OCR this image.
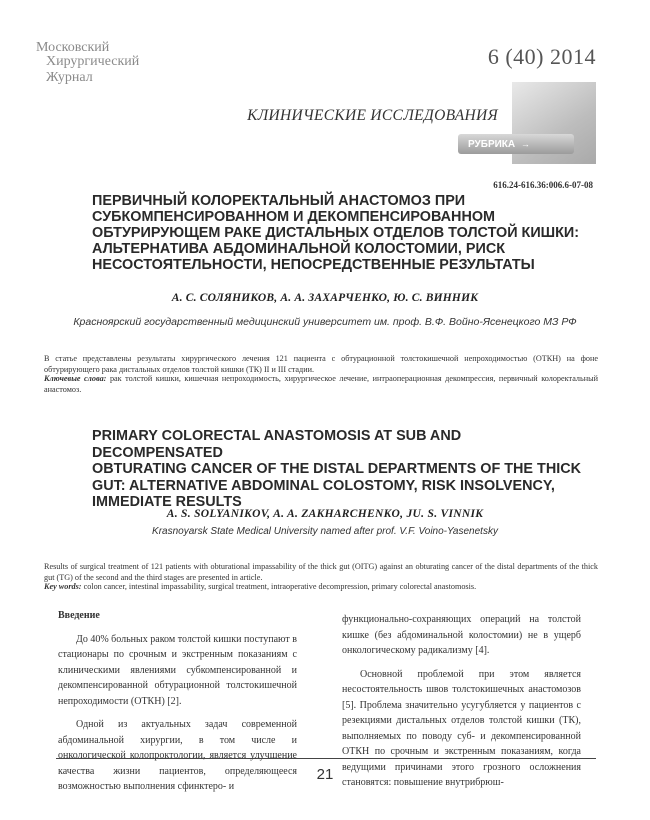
Московский
Хирургический
Журнал
6 (40) 2014
КЛИНИЧЕСКИЕ ИССЛЕДОВАНИЯ
РУБРИКА →
616.24-616.36:006.6-07-08
ПЕРВИЧНЫЙ КОЛОРЕКТАЛЬНЫЙ АНАСТОМОЗ ПРИ
СУБКОМПЕНСИРОВАННОМ И ДЕКОМПЕНСИРОВАННОМ
ОБТУРИРУЮЩЕМ РАКЕ ДИСТАЛЬНЫХ ОТДЕЛОВ ТОЛСТОЙ КИШКИ:
АЛЬТЕРНАТИВА АБДОМИНАЛЬНОЙ КОЛОСТОМИИ, РИСК
НЕСОСТОЯТЕЛЬНОСТИ, НЕПОСРЕДСТВЕННЫЕ РЕЗУЛЬТАТЫ
А. С. СОЛЯНИКОВ, А. А. ЗАХАРЧЕНКО, Ю. С. ВИННИК
Красноярский государственный медицинский университет им. проф. В.Ф. Войно-Ясенецкого МЗ РФ
В статье представлены результаты хирургического лечения 121 пациента с обтурационной толстокишечной непроходимостью (ОТКН) на фоне обтурирующего рака дистальных отделов толстой кишки (ТК) II и III стадии.
Ключевые слова: рак толстой кишки, кишечная непроходимость, хирургическое лечение, интраоперационная декомпрессия, первичный колоректальный анастомоз.
PRIMARY COLORECTAL ANASTOMOSIS AT SUB AND DECOMPENSATED
OBTURATING CANCER OF THE DISTAL DEPARTMENTS OF THE THICK
GUT: ALTERNATIVE ABDOMINAL COLOSTOMY, RISK INSOLVENCY,
IMMEDIATE RESULTS
A. S. SOLYANIKOV, A. A. ZAKHARCHENKO, JU. S. VINNIK
Krasnoyarsk State Medical University named after prof. V.F. Voino-Yasenetsky
Results of surgical treatment of 121 patients with obturational impassability of the thick gut (OITG) against an obturating cancer of the distal departments of the thick gut (TG) of the second and the third stages are presented in article.
Key words: colon cancer, intestinal impassability, surgical treatment, intraoperative decompression, primary colorectal anastomosis.

Введение

До 40% больных раком толстой кишки поступают в стационары по срочным и экстренным показаниям с клиническими явлениями субкомпенсированной и декомпенсированной обтурационной толстокишечной непроходимости (ОТКН) [2].

Одной из актуальных задач современной абдоминальной хирургии, в том числе и онкологической колопроктологии, является улучшение качества жизни пациентов, определяющееся возможностью выполнения сфинктеро- и

функционально-сохраняющих операций на толстой кишке (без абдоминальной колостомии) не в ущерб онкологическому радикализму [4].

Основной проблемой при этом является несостоятельность швов толстокишечных анастомозов [5]. Проблема значительно усугубляется у пациентов с резекциями дистальных отделов толстой кишки (ТК), выполняемых по поводу суб- и декомпенсированной ОТКН по срочным и экстренным показаниям, когда ведущими причинами этого грозного осложнения становятся: повышение внутрибрюш-

21
